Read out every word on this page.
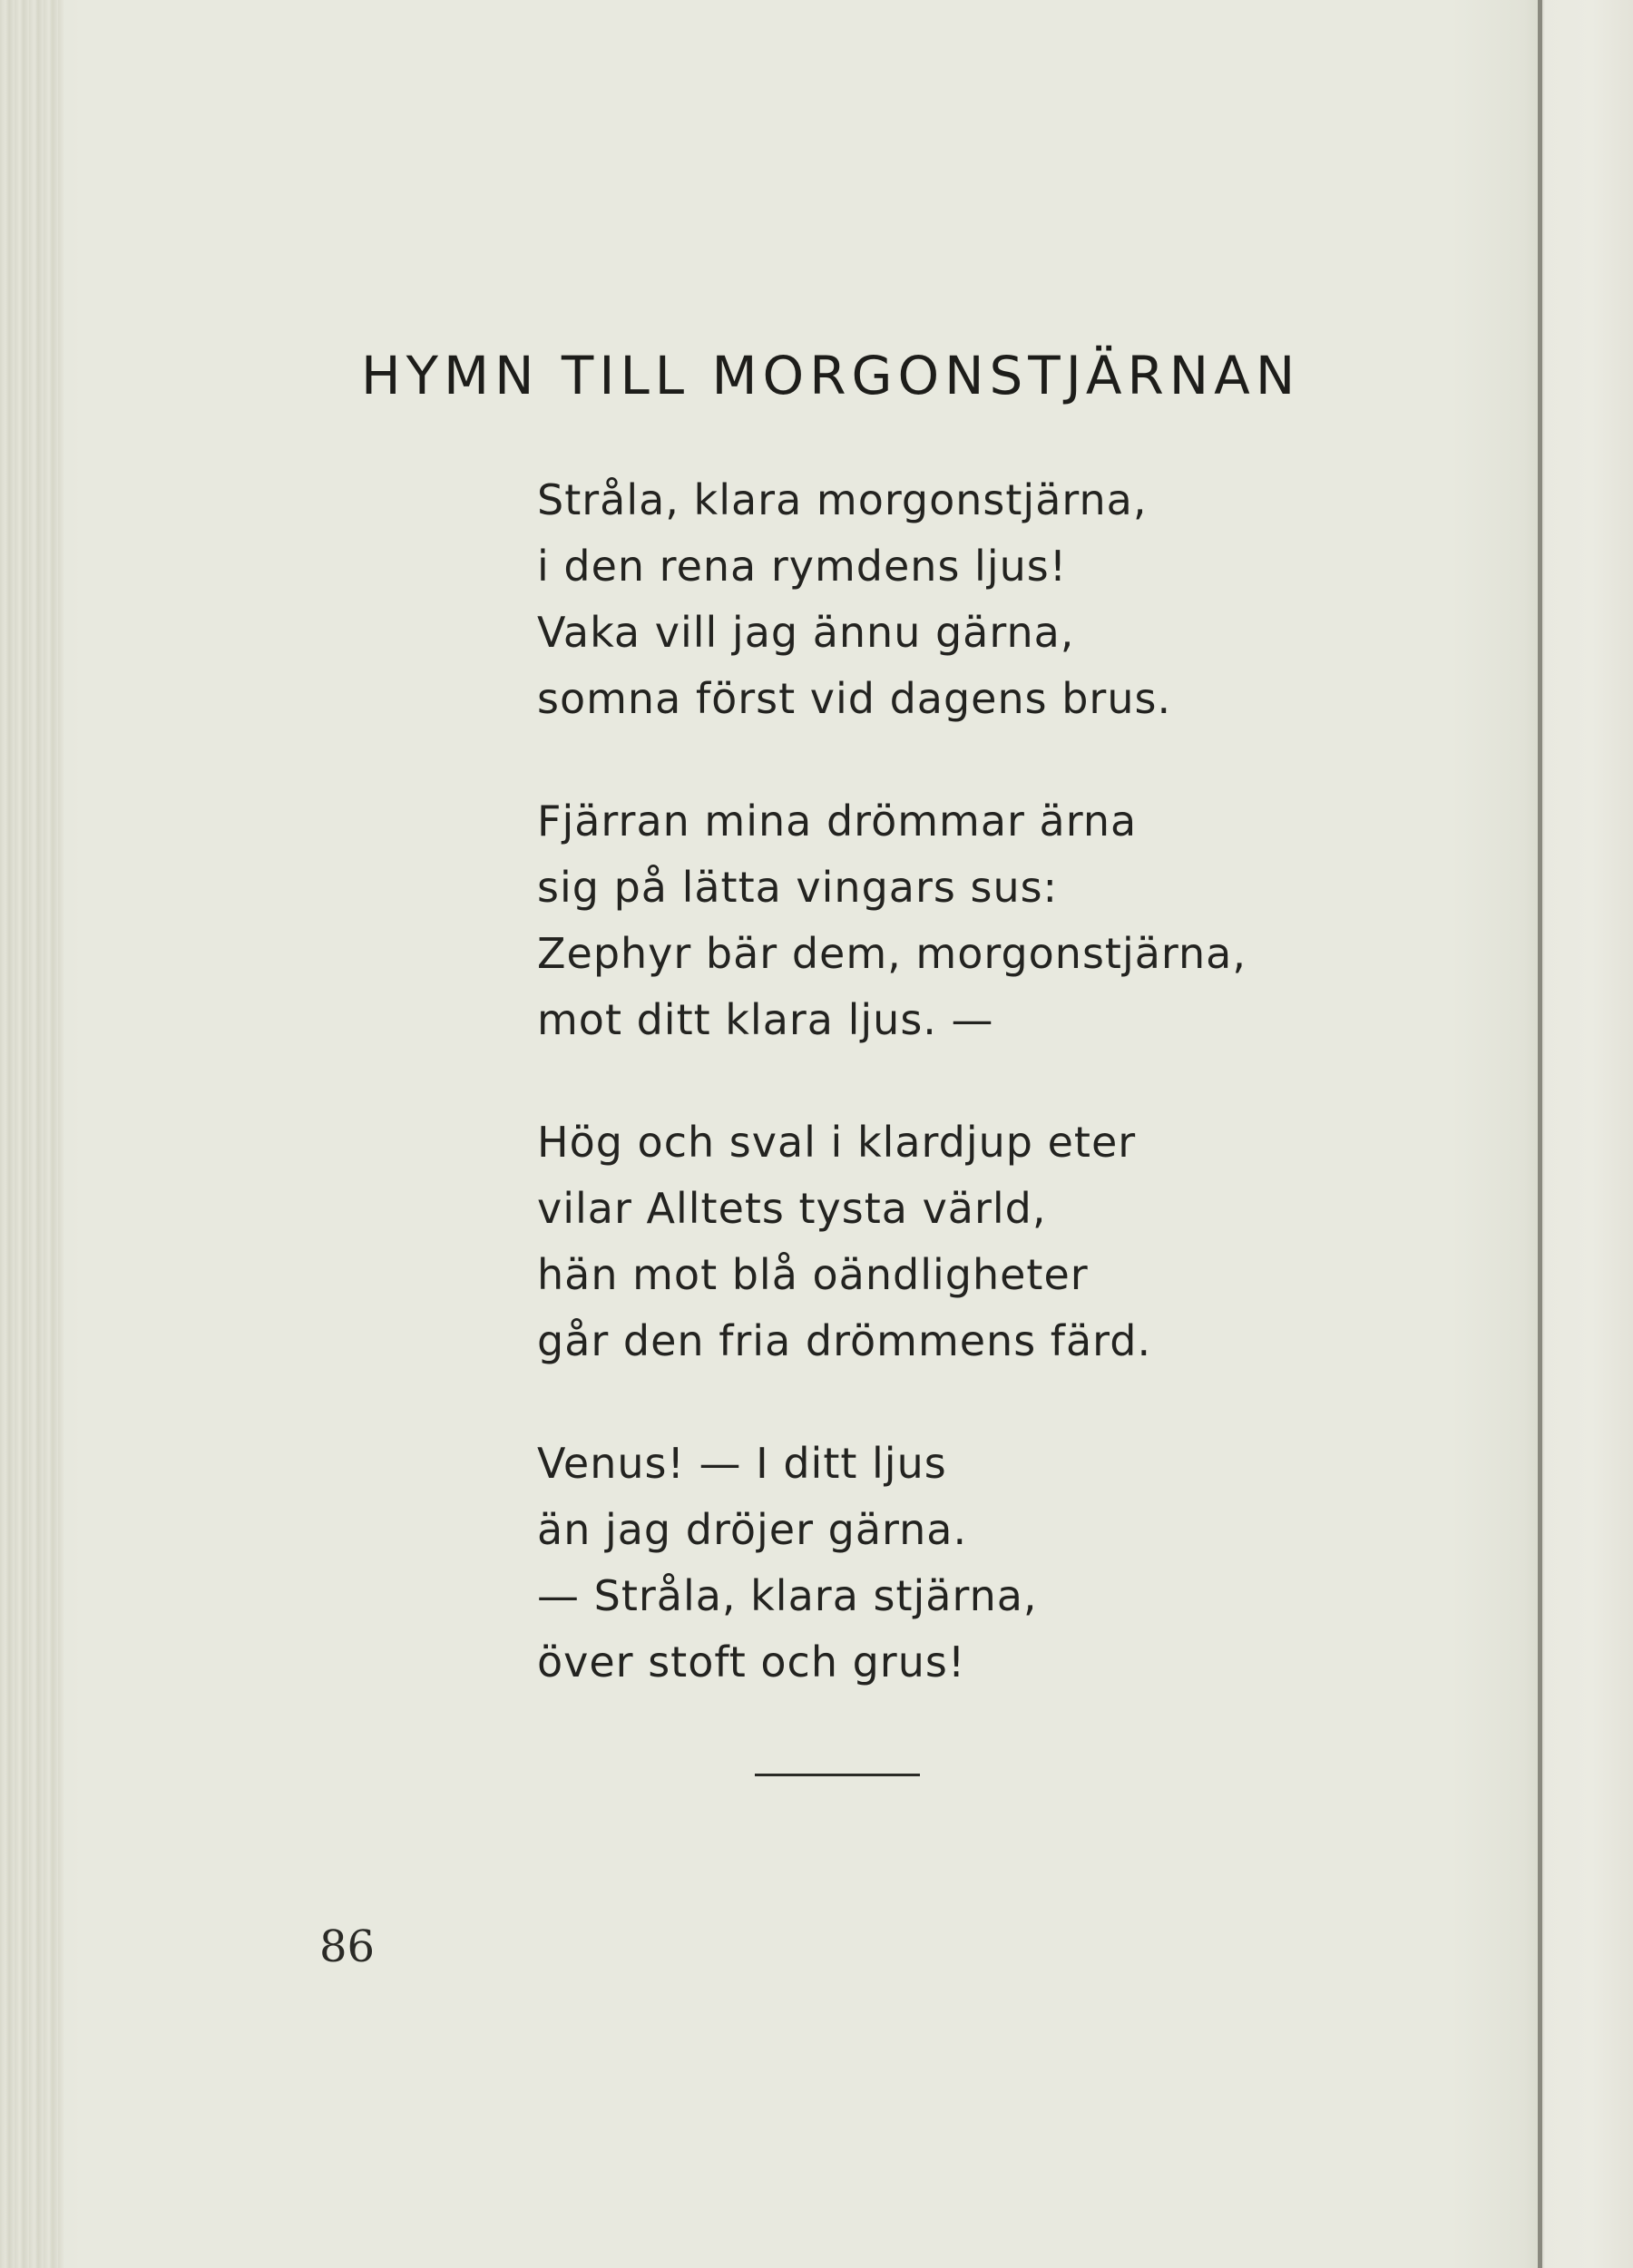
HYMN TILL MORGONSTJÄRNAN
Stråla, klara morgonstjärna,
i den rena rymdens ljus!
Vaka vill jag ännu gärna,
somna först vid dagens brus.
Fjärran mina drömmar ärna
sig på lätta vingars sus:
Zephyr bär dem, morgonstjärna,
mot ditt klara ljus. —
Hög och sval i klardjup eter
vilar Alltets tysta värld,
hän mot blå oändligheter
går den fria drömmens färd.
Venus! — I ditt ljus
än jag dröjer gärna.
— Stråla, klara stjärna,
över stoft och grus!
86
